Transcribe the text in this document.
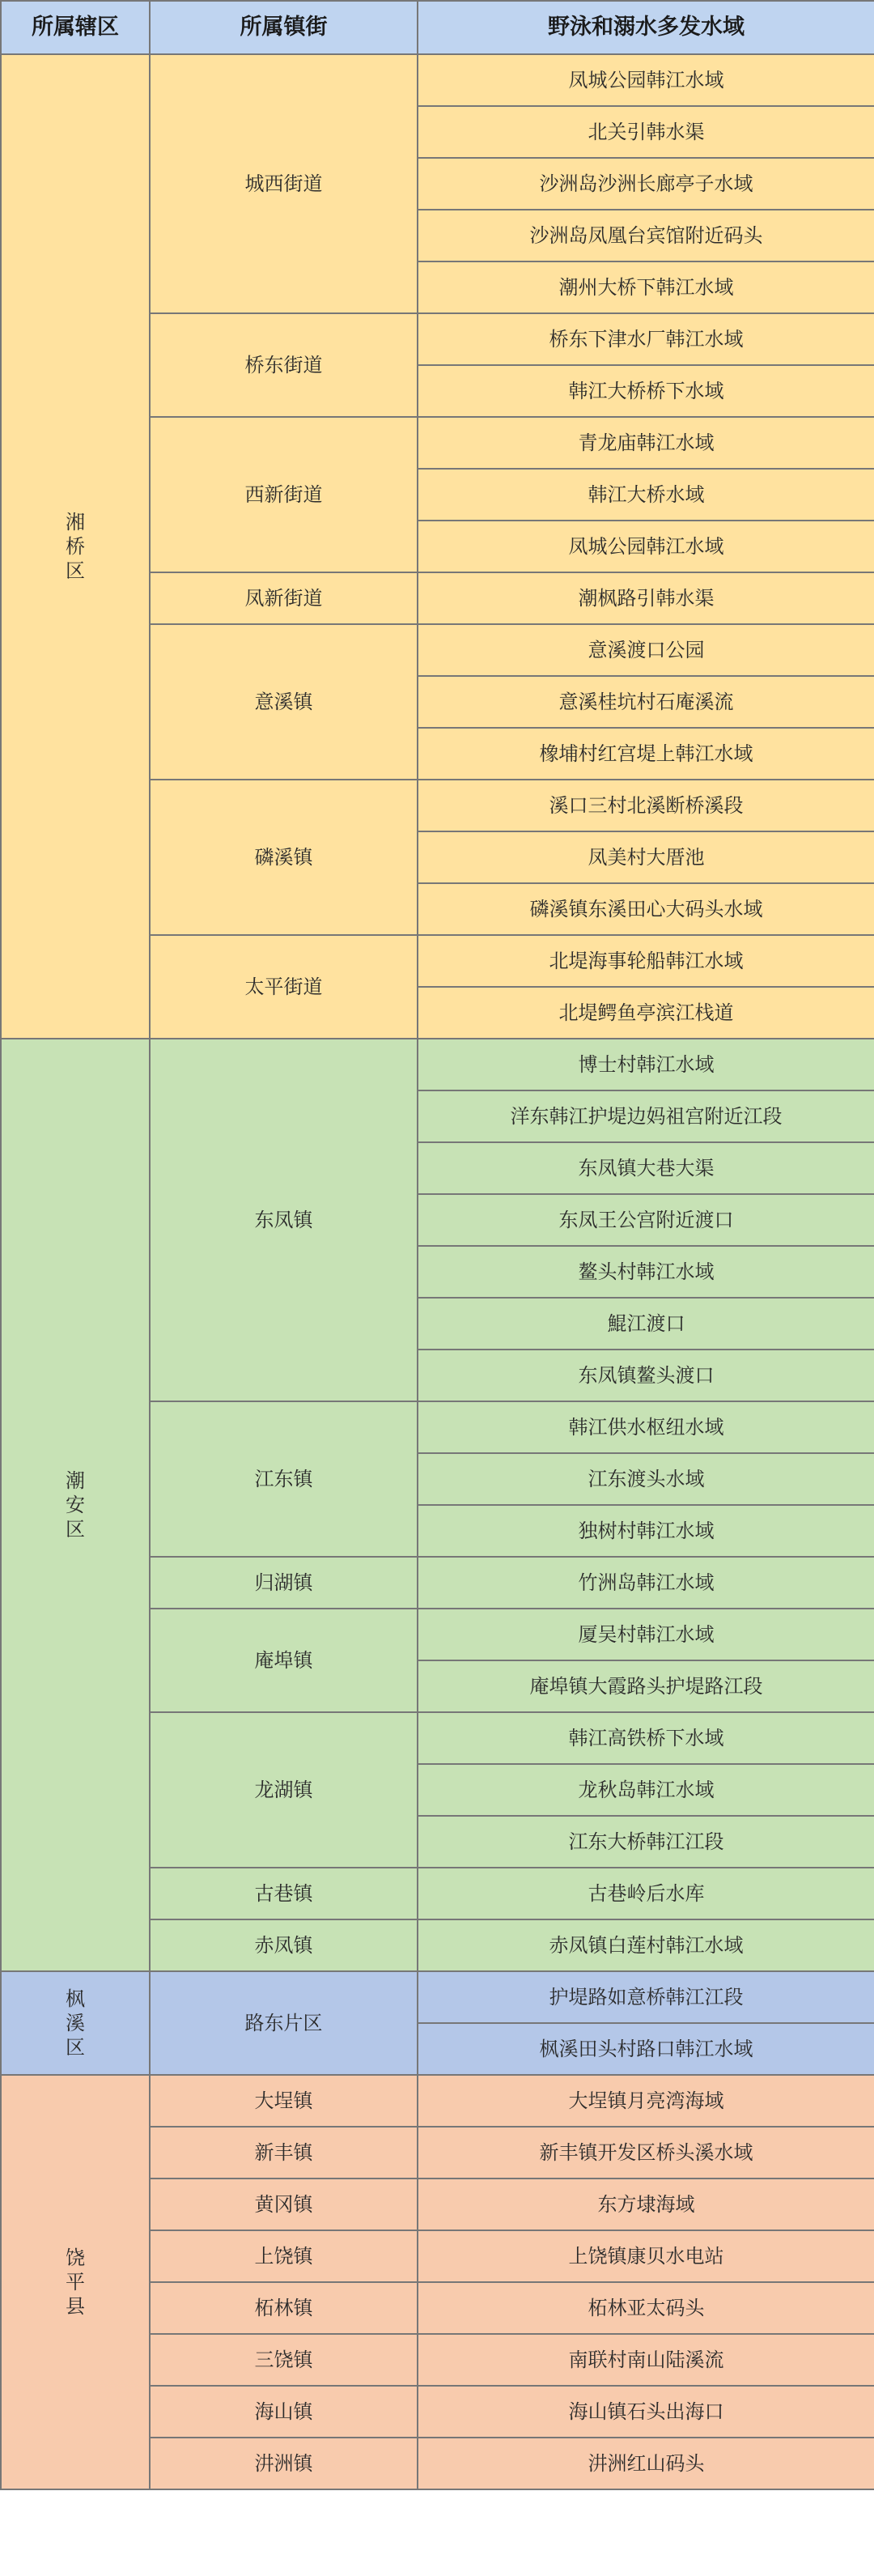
所属辖区	所属镇街	野泳和溺水多发水域

湘
桥
区	城西街道	凤城公园韩江水域
		北关引韩水渠
		沙洲岛沙洲长廊亭子水域
		沙洲岛凤凰台宾馆附近码头
		潮州大桥下韩江水域
	桥东街道	桥东下津水厂韩江水域
		韩江大桥桥下水域
	西新街道	青龙庙韩江水域
		韩江大桥水域
		凤城公园韩江水域
	凤新街道	潮枫路引韩水渠
	意溪镇	意溪渡口公园
		意溪桂坑村石庵溪流
		橡埔村红宫堤上韩江水域
	磷溪镇	溪口三村北溪断桥溪段
		凤美村大厝池
		磷溪镇东溪田心大码头水域
	太平街道	北堤海事轮船韩江水域
		北堤鳄鱼亭滨江栈道

潮
安
区	东凤镇	博士村韩江水域
		洋东韩江护堤边妈祖宫附近江段
		东凤镇大巷大渠
		东凤王公宫附近渡口
		鳌头村韩江水域
		鯤江渡口
		东凤镇鳌头渡口
	江东镇	韩江供水枢纽水域
		江东渡头水域
		独树村韩江水域
	归湖镇	竹洲岛韩江水域
	庵埠镇	厦吴村韩江水域
		庵埠镇大霞路头护堤路江段
	龙湖镇	韩江高铁桥下水域
		龙秋岛韩江水域
		江东大桥韩江江段
	古巷镇	古巷岭后水库
	赤凤镇	赤凤镇白莲村韩江水域

枫
溪
区	路东片区	护堤路如意桥韩江江段
		枫溪田头村路口韩江水域

饶
平
县	大埕镇	大埕镇月亮湾海域
	新丰镇	新丰镇开发区桥头溪水域
	黄冈镇	东方埭海域
	上饶镇	上饶镇康贝水电站
	柘林镇	柘林亚太码头
	三饶镇	南联村南山陆溪流
	海山镇	海山镇石头出海口
	汫洲镇	汫洲红山码头
